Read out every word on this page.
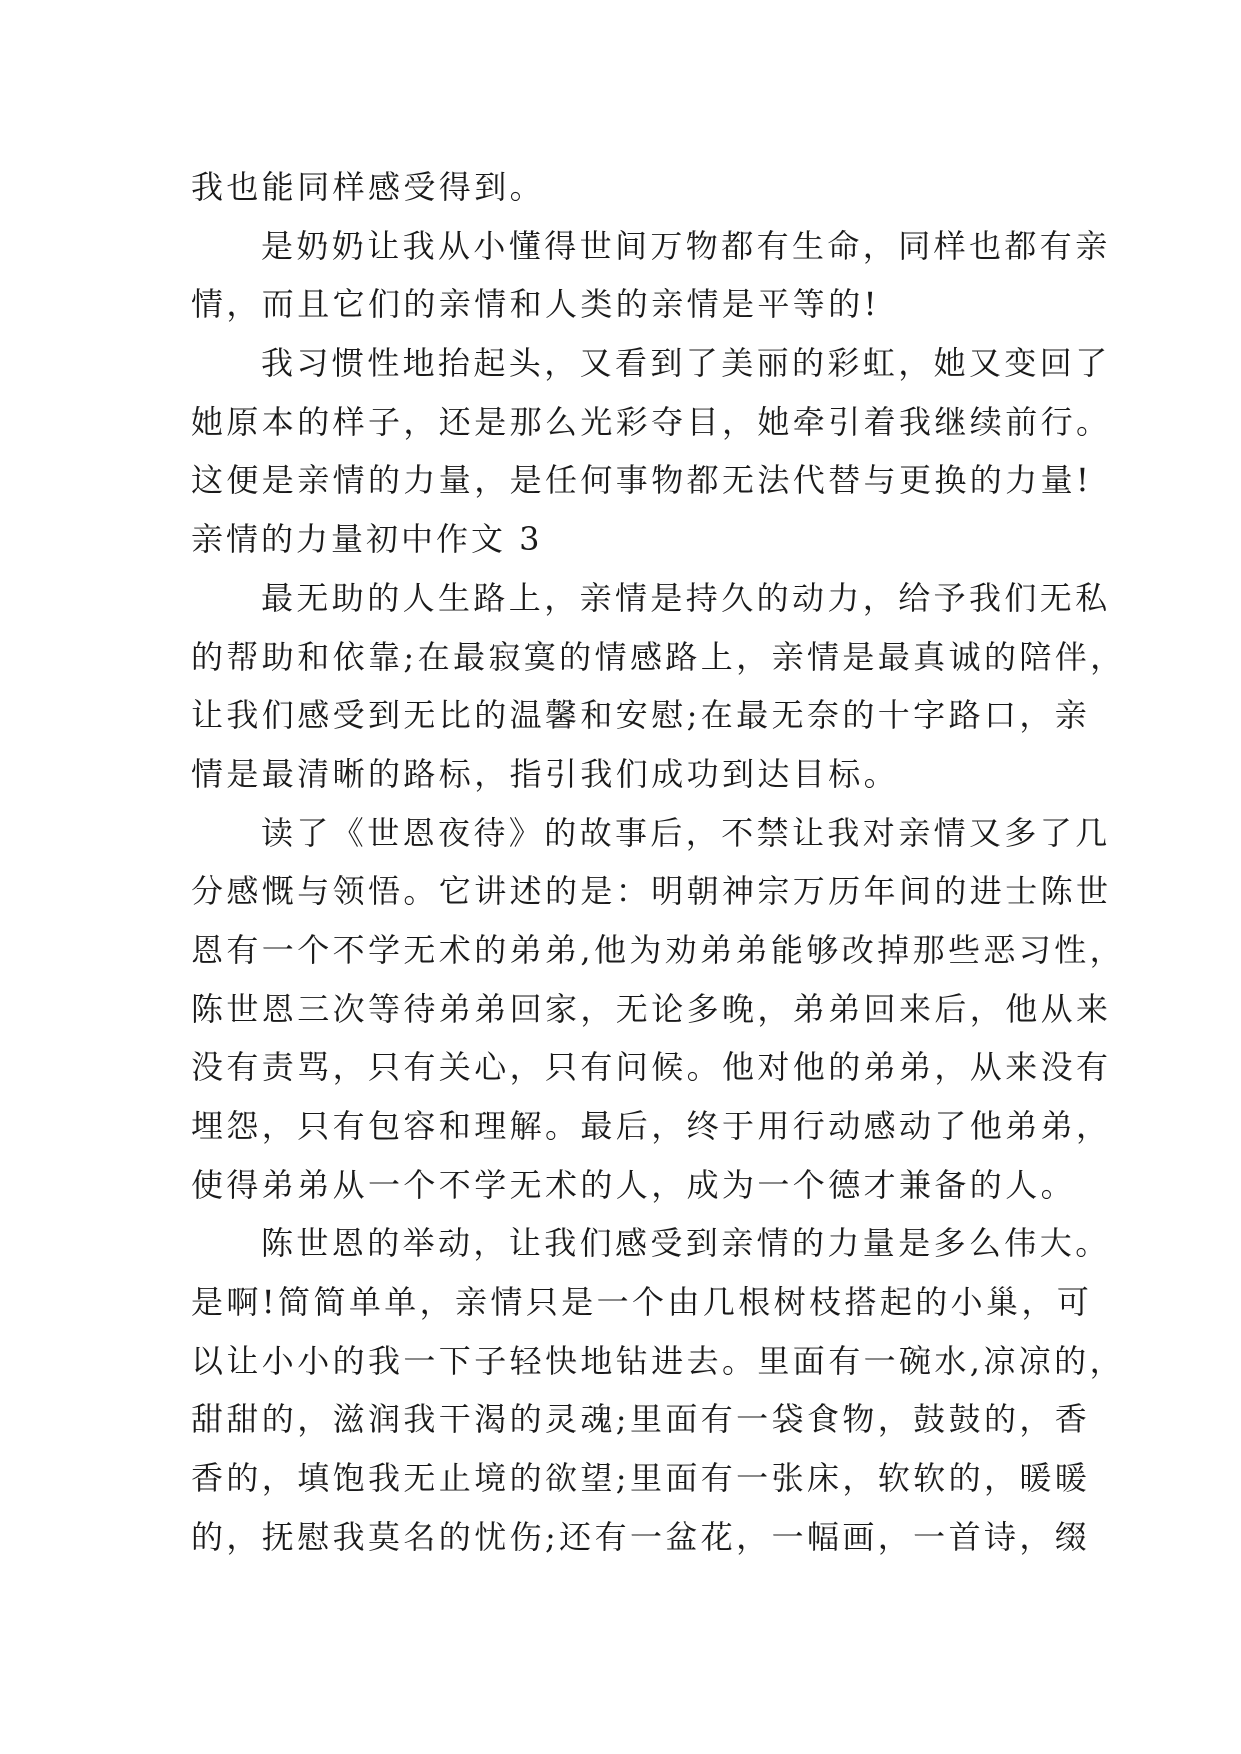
我也能同样感受得到。
是奶奶让我从小懂得世间万物都有生命，同样也都有亲
情，而且它们的亲情和人类的亲情是平等的!
我习惯性地抬起头，又看到了美丽的彩虹，她又变回了
她原本的样子，还是那么光彩夺目，她牵引着我继续前行。
这便是亲情的力量，是任何事物都无法代替与更换的力量!
亲情的力量初中作文 3
最无助的人生路上，亲情是持久的动力，给予我们无私
的帮助和依靠;在最寂寞的情感路上，亲情是最真诚的陪伴，
让我们感受到无比的温馨和安慰;在最无奈的十字路口，亲
情是最清晰的路标，指引我们成功到达目标。
读了《世恩夜待》的故事后，不禁让我对亲情又多了几
分感慨与领悟。它讲述的是：明朝神宗万历年间的进士陈世
恩有一个不学无术的弟弟,他为劝弟弟能够改掉那些恶习性，
陈世恩三次等待弟弟回家，无论多晚，弟弟回来后，他从来
没有责骂，只有关心，只有问候。他对他的弟弟，从来没有
埋怨，只有包容和理解。最后，终于用行动感动了他弟弟，
使得弟弟从一个不学无术的人，成为一个德才兼备的人。
陈世恩的举动，让我们感受到亲情的力量是多么伟大。
是啊!简简单单，亲情只是一个由几根树枝搭起的小巢，可
以让小小的我一下子轻快地钻进去。里面有一碗水,凉凉的，
甜甜的，滋润我干渴的灵魂;里面有一袋食物，鼓鼓的，香
香的，填饱我无止境的欲望;里面有一张床，软软的，暖暖
的，抚慰我莫名的忧伤;还有一盆花，一幅画，一首诗，缀
